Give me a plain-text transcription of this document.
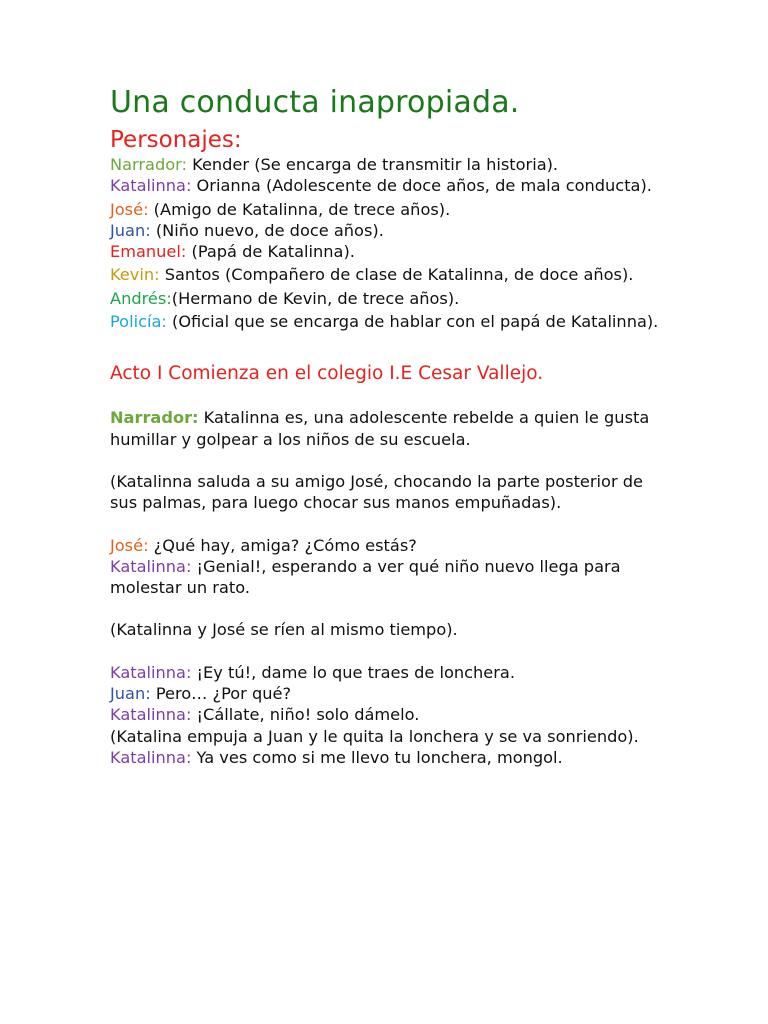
Una conducta inapropiada.
Personajes:

Narrador: Kender (Se encarga de transmitir la historia).

Katalinna: Orianna (Adolescente de doce años, de mala conducta).

José: (Amigo de Katalinna, de trece años).

Juan: (Niño nuevo, de doce años).

Emanuel: (Papá de Katalinna).

Kevin: Santos (Compañero de clase de Katalinna, de doce años).

Andrés:(Hermano de Kevin, de trece años).

Policía: (Oficial que se encarga de hablar con el papá de Katalinna).

Acto I Comienza en el colegio I.E Cesar Vallejo.

Narrador: Katalinna es, una adolescente rebelde a quien le gusta humillar y golpear a los niños de su escuela.

(Katalinna saluda a su amigo José, chocando la parte posterior de sus palmas, para luego chocar sus manos empuñadas).

José: ¿Qué hay, amiga? ¿Cómo estás?

Katalinna: ¡Genial!, esperando a ver qué niño nuevo llega para molestar un rato.

(Katalinna y José se ríen al mismo tiempo).

Katalinna: ¡Ey tú!, dame lo que traes de lonchera.

Juan: Pero… ¿Por qué?

Katalinna: ¡Cállate, niño! solo dámelo.

(Katalina empuja a Juan y le quita la lonchera y se va sonriendo).

Katalinna: Ya ves como si me llevo tu lonchera, mongol.
